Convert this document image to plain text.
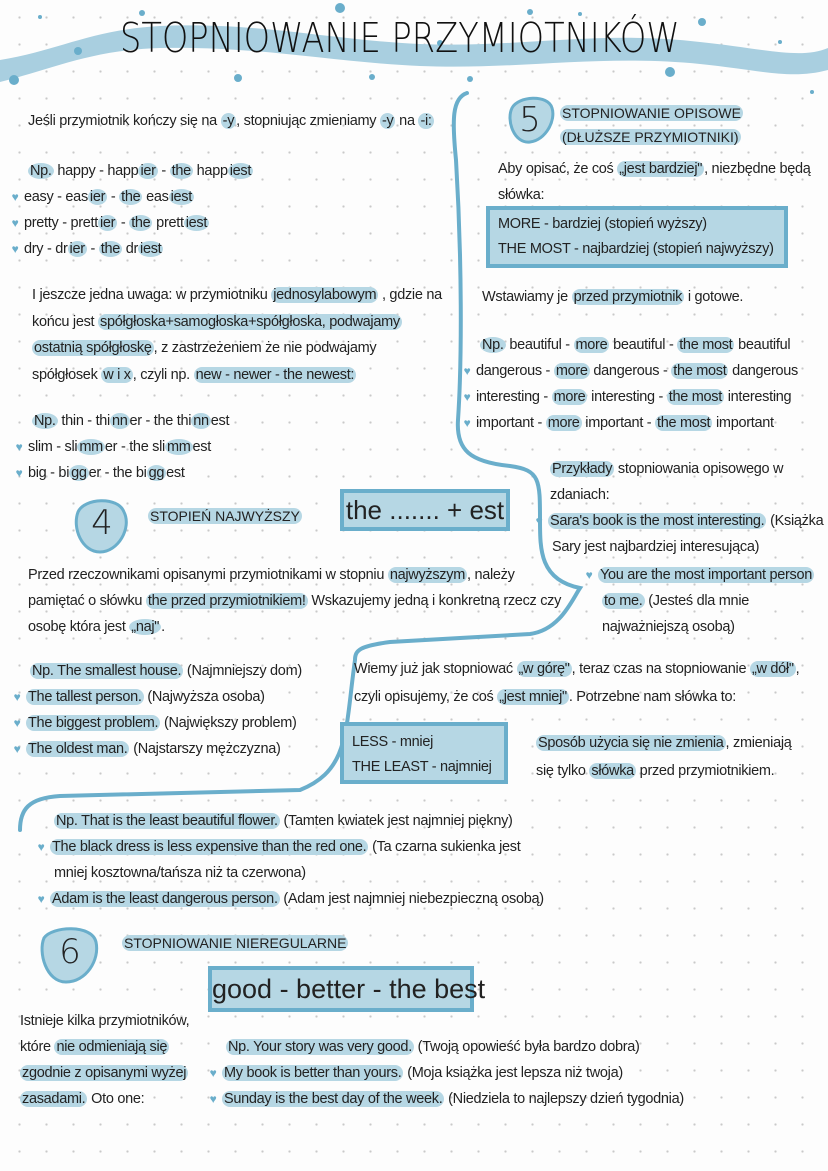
STOPNIOWANIE PRZYMIOTNIKÓW
Jeśli przymiotnik kończy się na -y , stopniując zmieniamy -y na -i:
Np. happy - happ ier - the happ iest
♥ easy - eas ier - the eas iest
♥ pretty - prett ier - the prett iest
♥ dry - dr ier - the dr iest
I jeszcze jedna uwaga: w przymiotniku jednosylabowym , gdzie na
końcu jest spółgłoska+samogłoska+spółgłoska, podwajamy
ostatnią spółgłoskę , z zastrzeżeniem że nie podwajamy
spółgłosek w i x , czyli np. new - newer - the newest:
Np. thin - thi nn er - the thi nn est
♥ slim - sli mm er - the sli mm est
♥ big - bi gg er - the bi gg est
4	STOPIEŃ NAJWYŻSZY the ....... + est
Przed rzeczownikami opisanymi przymiotnikami w stopniu najwyższym , należy
pamiętać o słówku the przed przymiotnikiem! Wskazujemy jedną i konkretną rzecz czy
osobę która jest „naj" .
Np. The smallest house. (Najmniejszy dom)
♥ The tallest person. (Najwyższa osoba)
♥ The biggest problem. (Największy problem)
♥ The oldest man. (Najstarszy mężczyzna)
5	STOPNIOWANIE OPISOWE
(DŁUŻSZE PRZYMIOTNIKI)
Aby opisać, że coś „jest bardziej" , niezbędne będą
słówka:
MORE - bardziej (stopień wyższy)
THE MOST - najbardziej (stopień najwyższy)
Wstawiamy je przed przymiotnik i gotowe.
Np. beautiful - more beautiful - the most beautiful
♥ dangerous - more dangerous - the most dangerous
♥ interesting - more interesting - the most interesting
♥ important - more important - the most important
Przykłady stopniowania opisowego w
zdaniach:
♥ Sara's book is the most interesting. (Książka
Sary jest najbardziej interesująca)
♥ You are the most important person
to me. (Jesteś dla mnie
najważniejszą osobą)
Wiemy już jak stopniować „w górę" , teraz czas na stopniowanie „w dół" ,
czyli opisujemy, że coś „jest mniej" . Potrzebne nam słówka to:
LESS - mniej
THE LEAST - najmniej
Sposób użycia się nie zmienia , zmieniają
się tylko słówka przed przymiotnikiem.
Np. That is the least beautiful flower. (Tamten kwiatek jest najmniej piękny)
♥ The black dress is less expensive than the red one. (Ta czarna sukienka jest
mniej kosztowna/tańsza niż ta czerwona)
♥ Adam is the least dangerous person. (Adam jest najmniej niebezpieczną osobą)
6	STOPNIOWANIE NIEREGULARNE
good - better - the best
Istnieje kilka przymiotników,
które nie odmieniają się
zgodnie z opisanymi wyżej
zasadami. Oto one:
Np. Your story was very good. (Twoją opowieść była bardzo dobra)
♥ My book is better than yours. (Moja książka jest lepsza niż twoja)
♥ Sunday is the best day of the week. (Niedziela to najlepszy dzień tygodnia)
